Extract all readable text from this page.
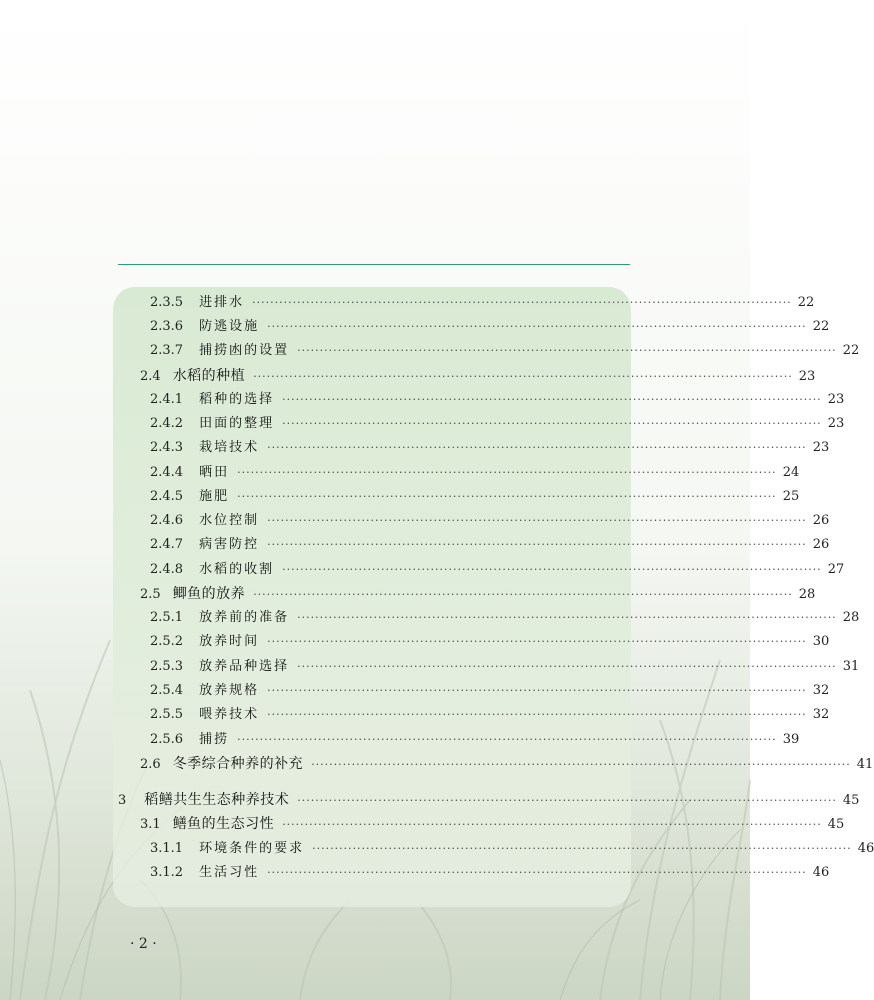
2.3.5 进排水 ························································································································ 22
2.3.6 防逃设施 ························································································································ 22
2.3.7 捕捞凼的设置 ························································································································ 22
2.4 水稻的种植 ························································································································ 23
2.4.1 稻种的选择 ························································································································ 23
2.4.2 田面的整理 ························································································································ 23
2.4.3 栽培技术 ························································································································ 23
2.4.4 晒田 ························································································································ 24
2.4.5 施肥 ························································································································ 25
2.4.6 水位控制 ························································································································ 26
2.4.7 病害防控 ························································································································ 26
2.4.8 水稻的收割 ························································································································ 27
2.5 鲫鱼的放养 ························································································································ 28
2.5.1 放养前的准备 ························································································································ 28
2.5.2 放养时间 ························································································································ 30
2.5.3 放养品种选择 ························································································································ 31
2.5.4 放养规格 ························································································································ 32
2.5.5 喂养技术 ························································································································ 32
2.5.6 捕捞 ························································································································ 39
2.6 冬季综合种养的补充 ························································································································ 41
3 稻鳝共生生态种养技术 ························································································································ 45
3.1 鳝鱼的生态习性 ························································································································ 45
3.1.1 环境条件的要求 ························································································································ 46
3.1.2 生活习性 ························································································································ 46
· 2 ·
